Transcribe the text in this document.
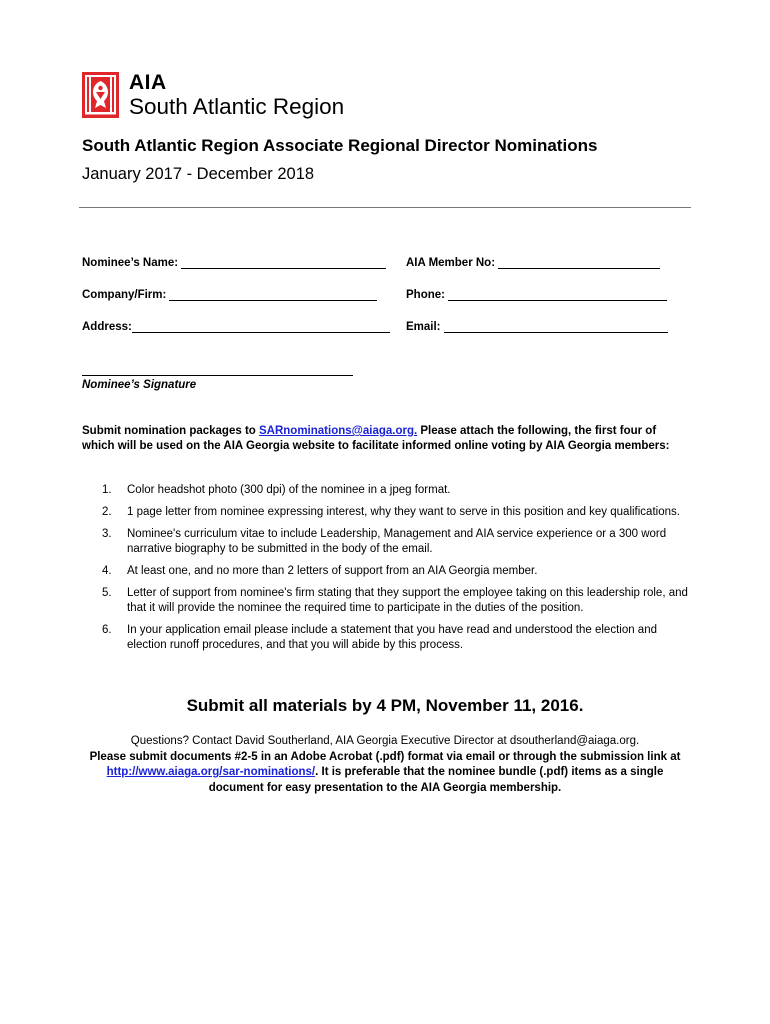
AIA
South Atlantic Region
South Atlantic Region Associate Regional Director Nominations
January 2017 - December 2018
Nominee’s Name:	AIA Member No:
Company/Firm:	Phone:
Address:	Email:
Nominee’s Signature
Submit nomination packages to SARnominations@aiaga.org. Please attach the following, the first four of which will be used on the AIA Georgia website to facilitate informed online voting by AIA Georgia members:
1. Color headshot photo (300 dpi) of the nominee in a jpeg format.
2. 1 page letter from nominee expressing interest, why they want to serve in this position and key qualifications.
3. Nominee's curriculum vitae to include Leadership, Management and AIA service experience or a 300 word narrative biography to be submitted in the body of the email.
4. At least one, and no more than 2 letters of support from an AIA Georgia member.
5. Letter of support from nominee's firm stating that they support the employee taking on this leadership role, and that it will provide the nominee the required time to participate in the duties of the position.
6. In your application email please include a statement that you have read and understood the election and election runoff procedures, and that you will abide by this process.
Submit all materials by 4 PM, November 11, 2016.
Questions? Contact David Southerland, AIA Georgia Executive Director at dsoutherland@aiaga.org.
Please submit documents #2-5 in an Adobe Acrobat (.pdf) format via email or through the submission link at http://www.aiaga.org/sar-nominations/. It is preferable that the nominee bundle (.pdf) items as a single document for easy presentation to the AIA Georgia membership.
